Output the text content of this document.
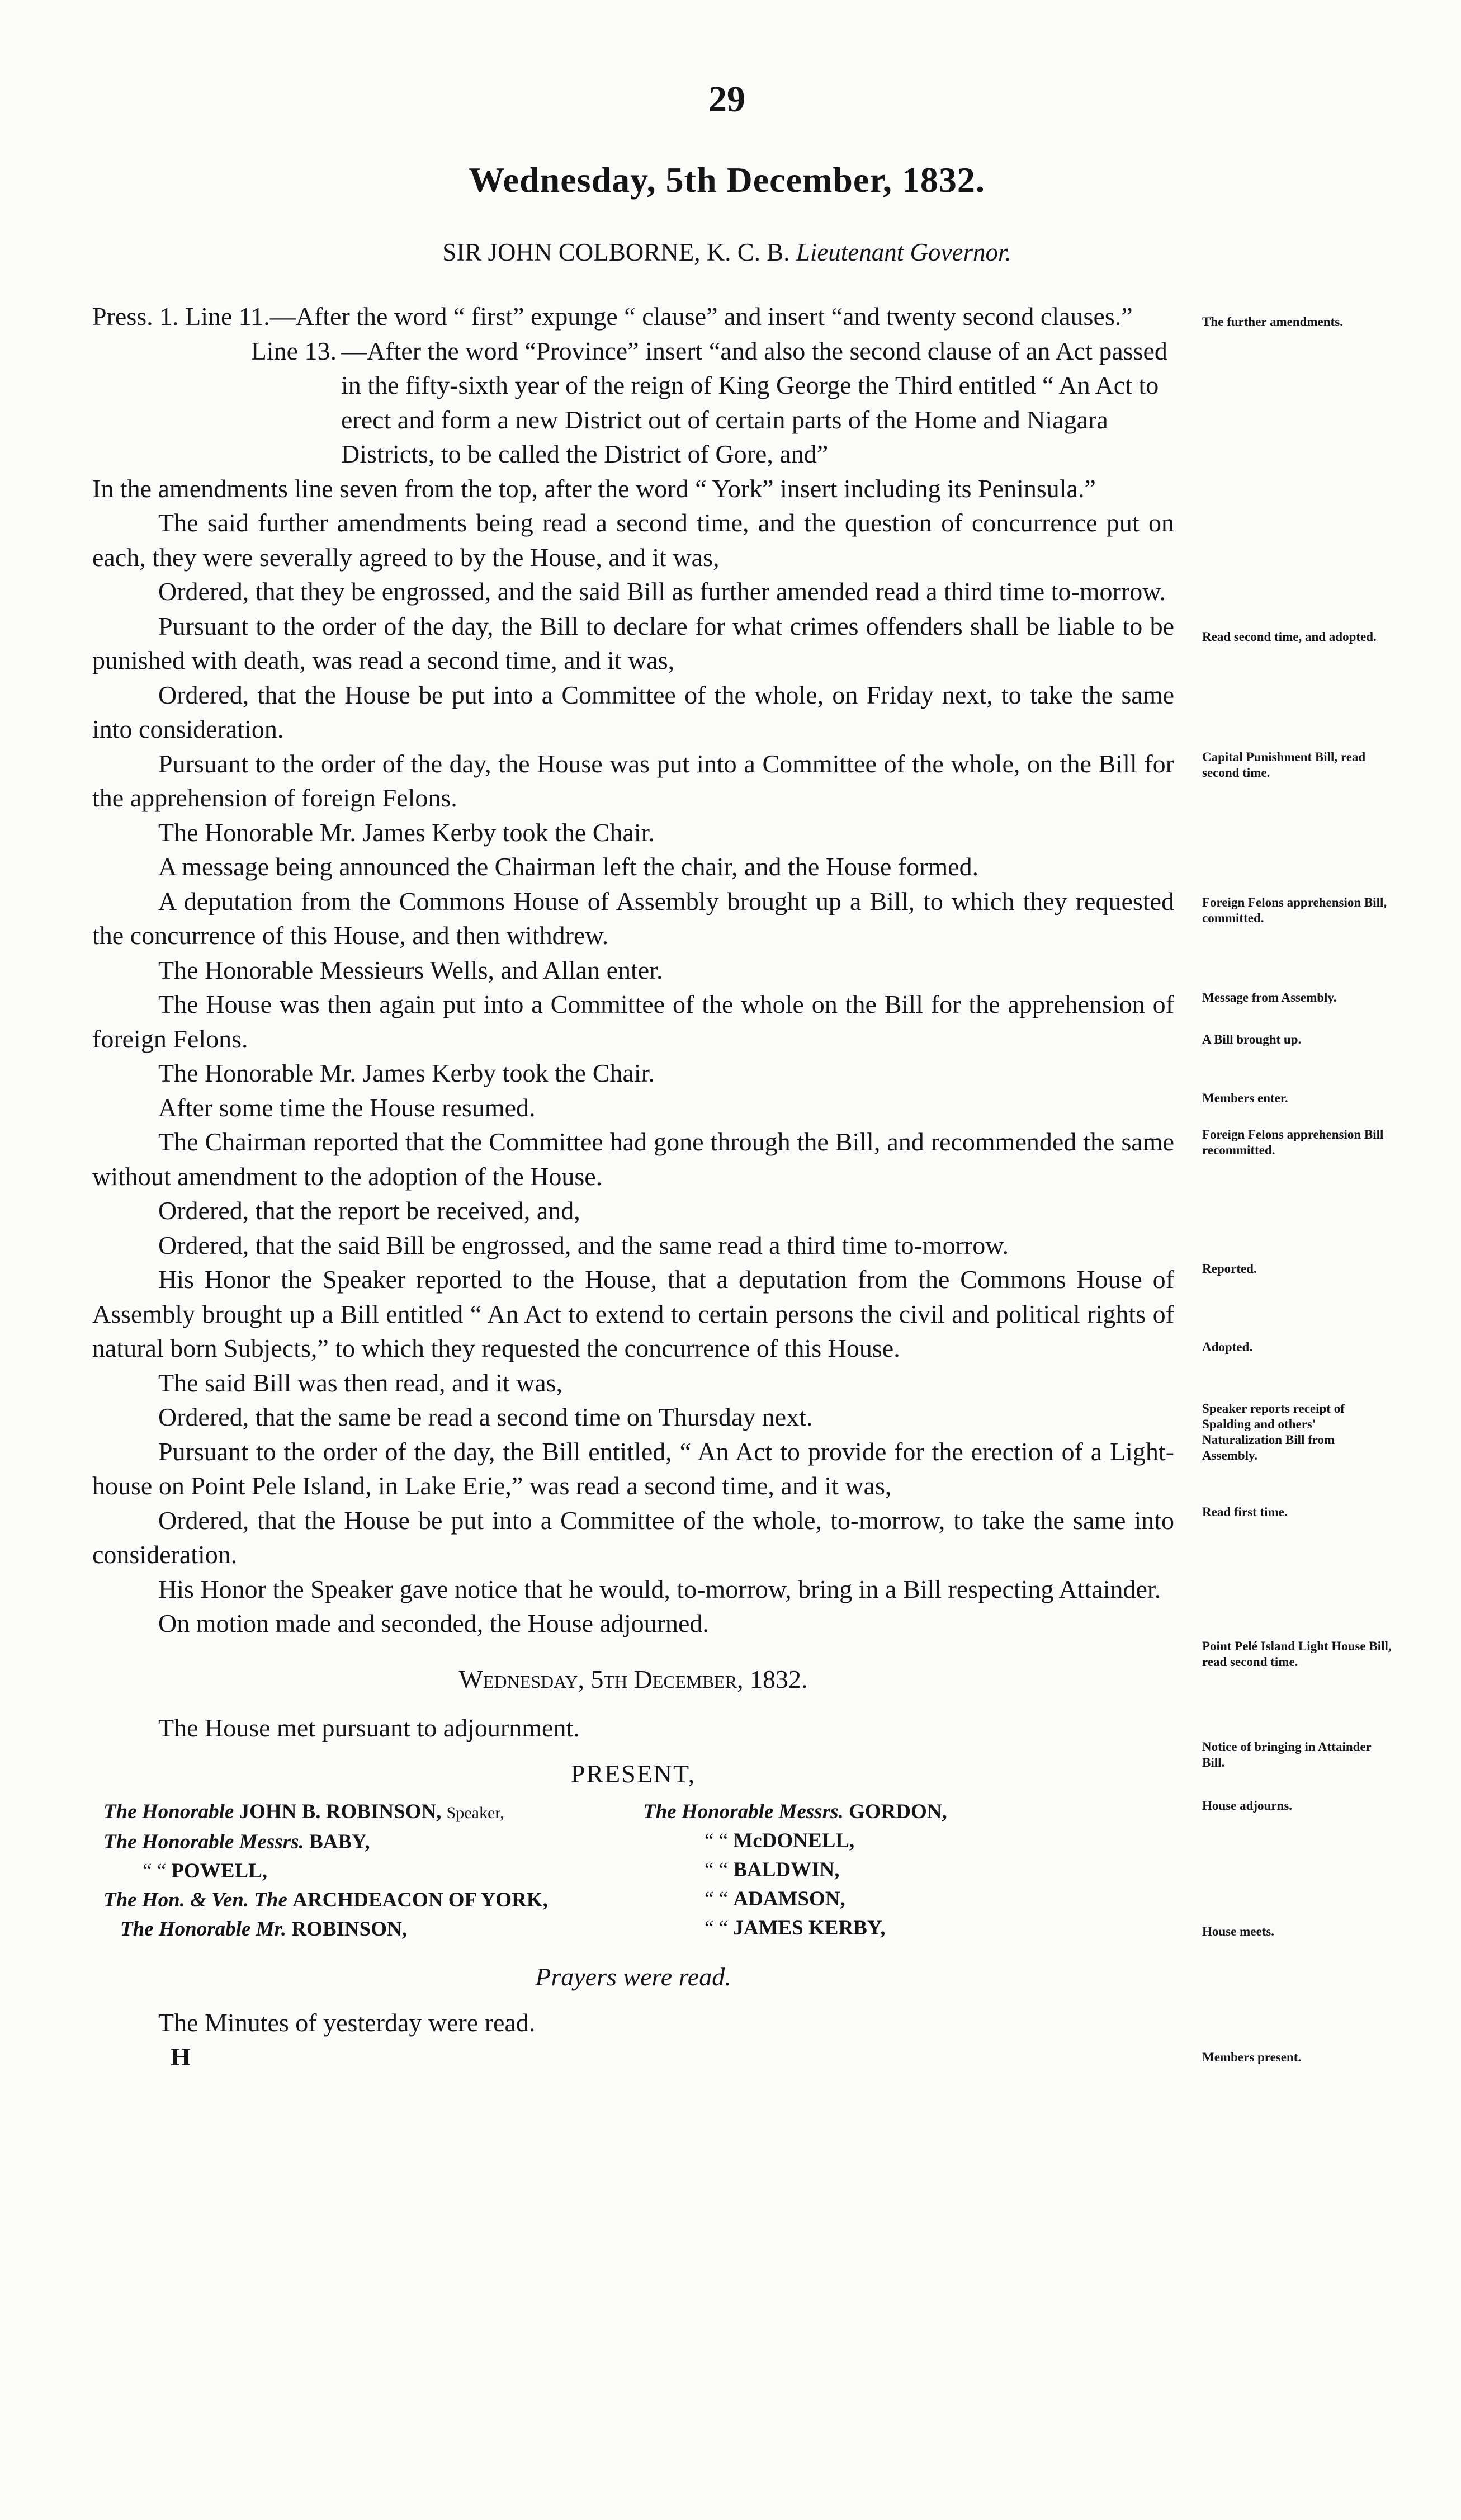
29
Wednesday, 5th December, 1832.
SIR JOHN COLBORNE, K. C. B. Lieutenant Governor.
Press. 1. Line 11. —After the word “ first” expunge “ clause” and insert “and twenty second clauses.”
Line 13. —After the word “Province” insert “and also the second clause of an Act passed in the fifty-sixth year of the reign of King George the Third entitled “ An Act to erect and form a new District out of certain parts of the Home and Niagara Districts, to be called the District of Gore, and”
In the amendments line seven from the top, after the word “ York” insert including its Peninsula.”
The said further amendments being read a second time, and the question of concurrence put on each, they were severally agreed to by the House, and it was,
Ordered, that they be engrossed, and the said Bill as further amended read a third time to-morrow.
Pursuant to the order of the day, the Bill to declare for what crimes offenders shall be liable to be punished with death, was read a second time, and it was,
Ordered, that the House be put into a Committee of the whole, on Friday next, to take the same into consideration.
Pursuant to the order of the day, the House was put into a Committee of the whole, on the Bill for the apprehension of foreign Felons.
The Honorable Mr. James Kerby took the Chair.
A message being announced the Chairman left the chair, and the House formed.
A deputation from the Commons House of Assembly brought up a Bill, to which they requested the concurrence of this House, and then withdrew.
The Honorable Messieurs Wells, and Allan enter.
The House was then again put into a Committee of the whole on the Bill for the apprehension of foreign Felons.
The Honorable Mr. James Kerby took the Chair.
After some time the House resumed.
The Chairman reported that the Committee had gone through the Bill, and recommended the same without amendment to the adoption of the House.
Ordered, that the report be received, and,
Ordered, that the said Bill be engrossed, and the same read a third time to-morrow.
His Honor the Speaker reported to the House, that a deputation from the Commons House of Assembly brought up a Bill entitled “ An Act to extend to certain persons the civil and political rights of natural born Subjects,” to which they requested the concurrence of this House.
The said Bill was then read, and it was,
Ordered, that the same be read a second time on Thursday next.
Pursuant to the order of the day, the Bill entitled, “ An Act to provide for the erection of a Light-house on Point Pele Island, in Lake Erie,” was read a second time, and it was,
Ordered, that the House be put into a Committee of the whole, to-morrow, to take the same into consideration.
His Honor the Speaker gave notice that he would, to-morrow, bring in a Bill respecting Attainder.
On motion made and seconded, the House adjourned.
Wednesday, 5th December, 1832.
The House met pursuant to adjournment.
PRESENT,
The Honorable JOHN B. ROBINSON, Speaker,
The Honorable Messrs. BABY,
“ “ POWELL,
The Hon. & Ven. The ARCHDEACON OF YORK,
The Honorable Mr. ROBINSON,
The Honorable Messrs. GORDON,
“ “ McDONELL,
“ “ BALDWIN,
“ “ ADAMSON,
“ “ JAMES KERBY,
Prayers were read.
The Minutes of yesterday were read.
H
The further amendments.
Read second time, and adopted.
Capital Punishment Bill, read second time.
Foreign Felons apprehension Bill, committed.
Message from Assembly.
A Bill brought up.
Members enter.
Foreign Felons apprehension Bill recommitted.
Reported.
Adopted.
Speaker reports receipt of Spalding and others' Naturalization Bill from Assembly.
Read first time.
Point Pelé Island Light House Bill, read second time.
Notice of bringing in Attainder Bill.
House adjourns.
House meets.
Members present.
